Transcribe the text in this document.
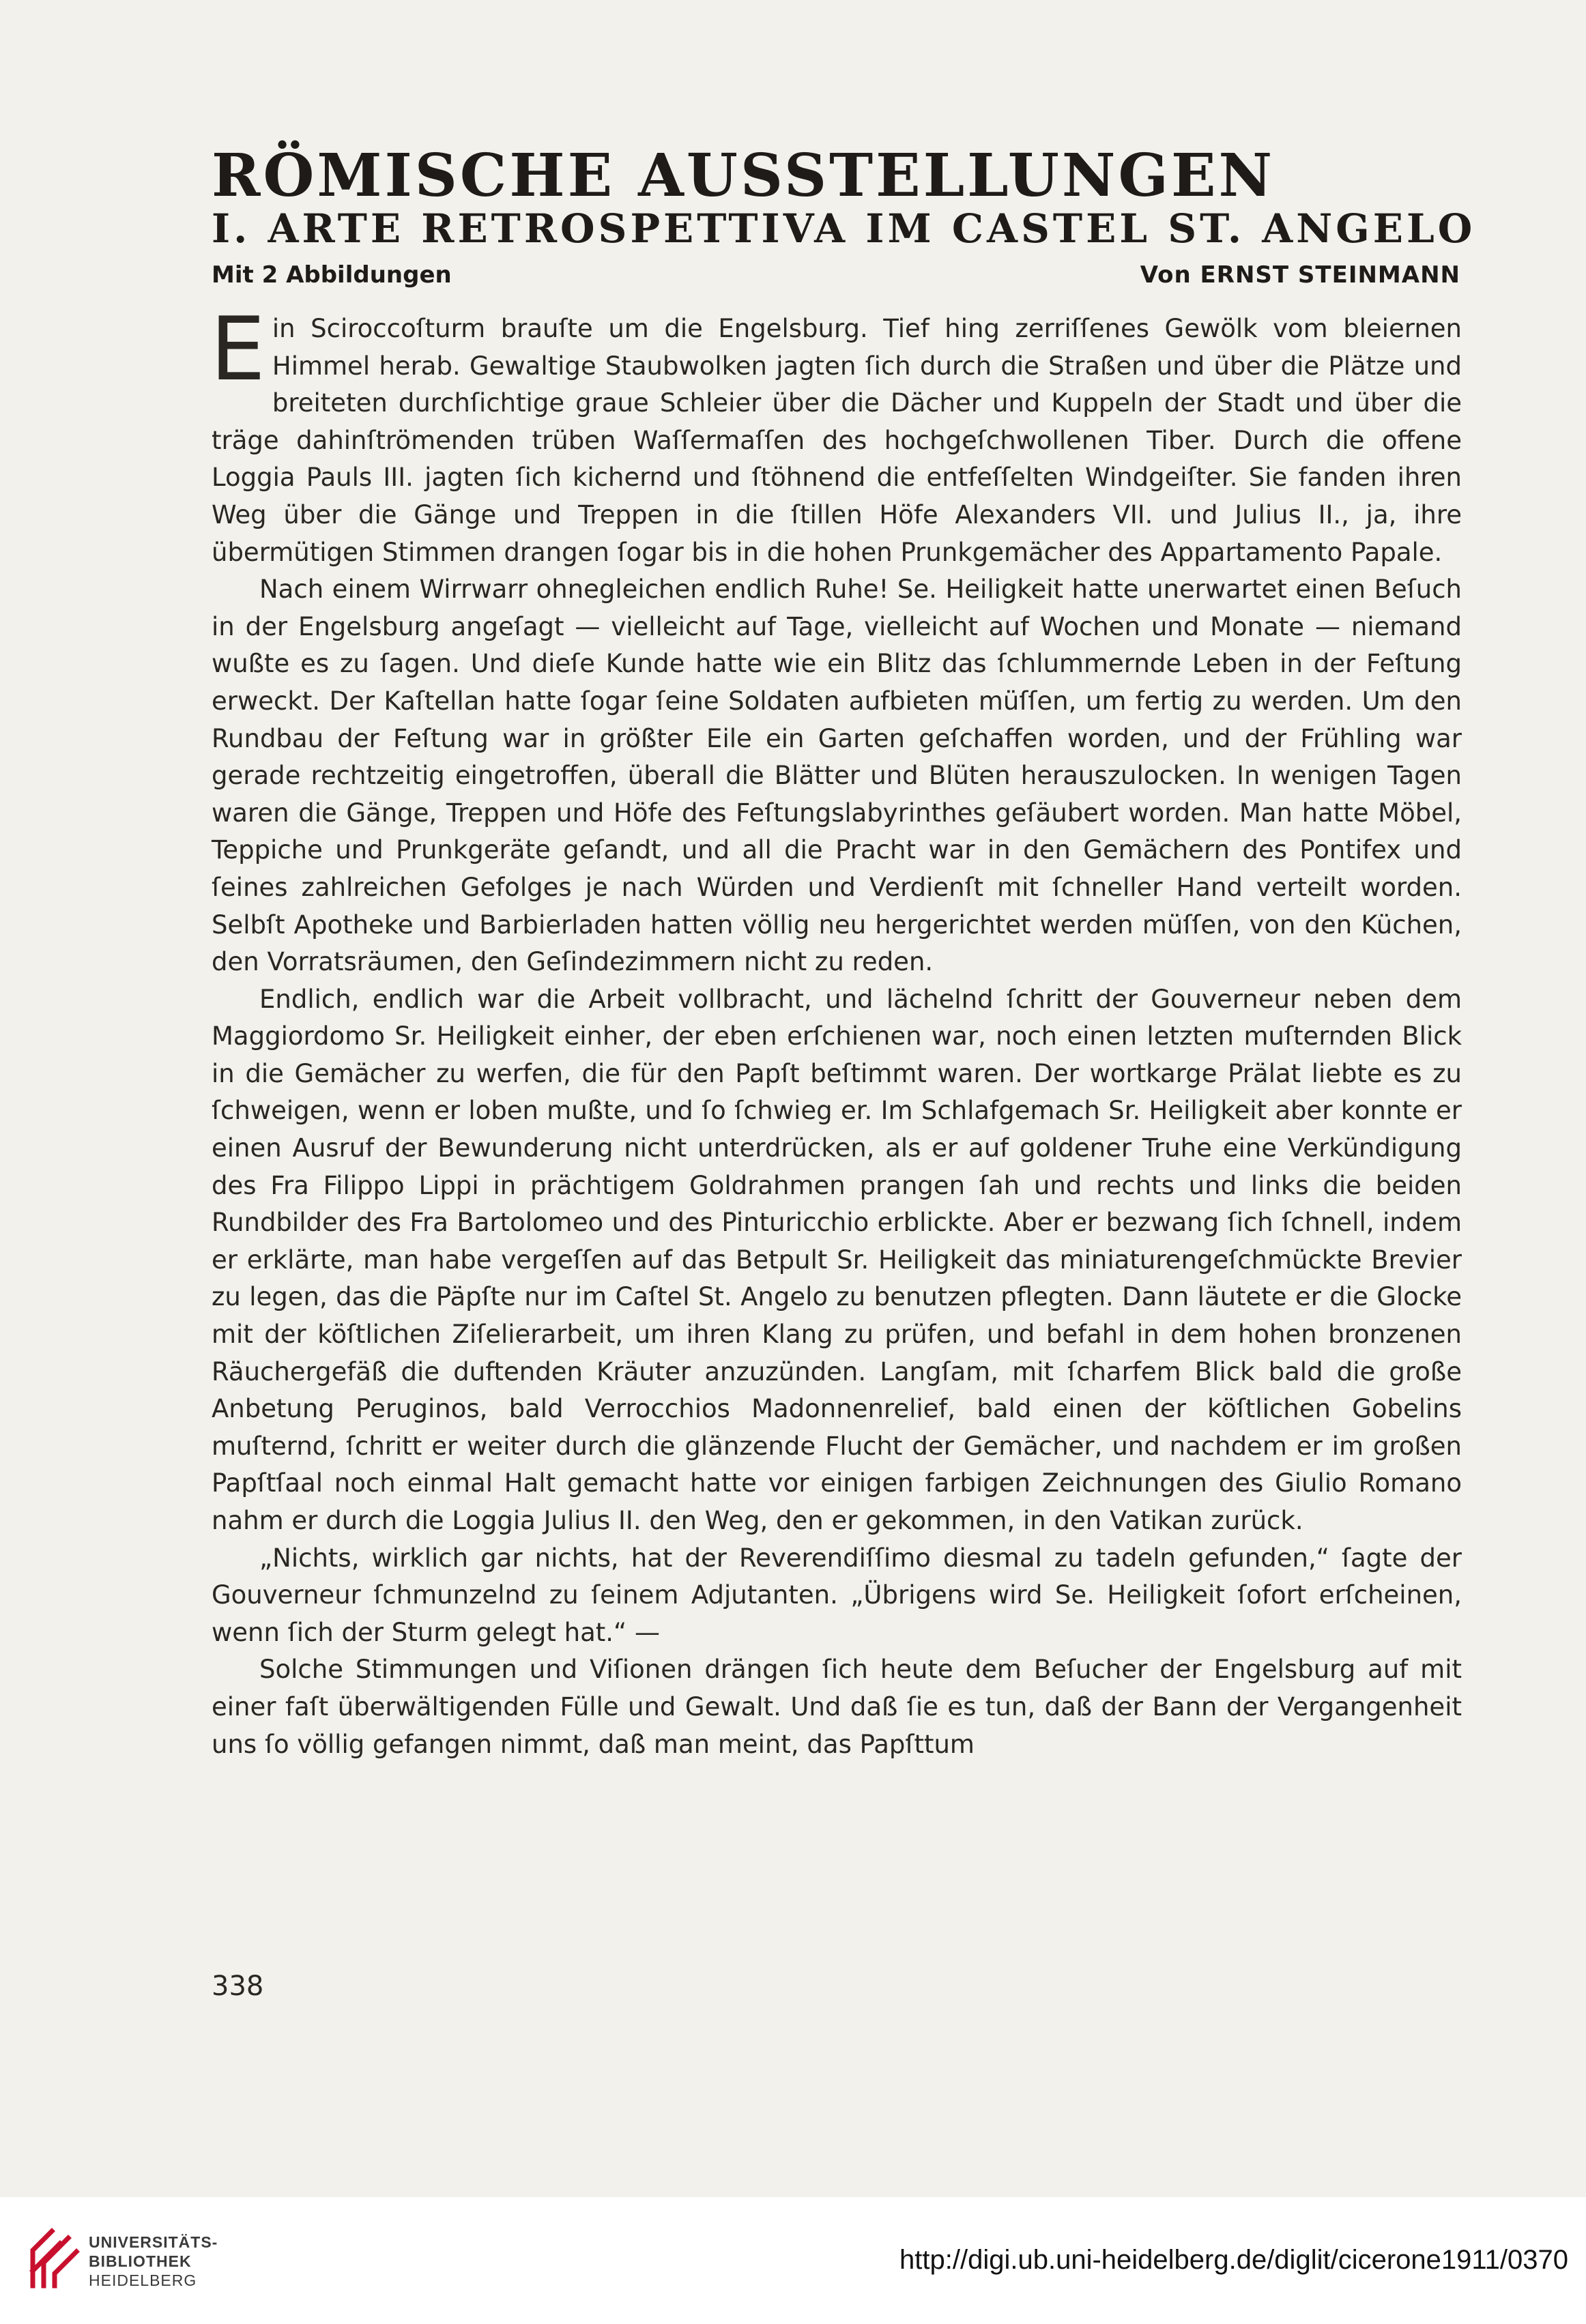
RÖMISCHE AUSSTELLUNGEN
I. ARTE RETROSPETTIVA IM CASTEL ST. ANGELO
Mit 2 Abbildungen	Von ERNST STEINMANN

Ein Sciroccoſturm brauſte um die Engelsburg. Tief hing zerriſſenes Gewölk vom bleiernen Himmel herab. Gewaltige Staubwolken jagten ſich durch die Straßen und über die Plätze und breiteten durchſichtige graue Schleier über die Dächer und Kuppeln der Stadt und über die träge dahinſtrömenden trüben Waſſermaſſen des hochgeſchwollenen Tiber. Durch die offene Loggia Pauls III. jagten ſich kichernd und ſtöhnend die entfeſſelten Windgeiſter. Sie fanden ihren Weg über die Gänge und Treppen in die ſtillen Höfe Alexanders VII. und Julius II., ja, ihre übermütigen Stimmen drangen ſogar bis in die hohen Prunkgemächer des Appartamento Papale.

Nach einem Wirrwarr ohnegleichen endlich Ruhe! Se. Heiligkeit hatte unerwartet einen Beſuch in der Engelsburg angeſagt — vielleicht auf Tage, vielleicht auf Wochen und Monate — niemand wußte es zu ſagen. Und dieſe Kunde hatte wie ein Blitz das ſchlummernde Leben in der Feſtung erweckt. Der Kaſtellan hatte ſogar ſeine Soldaten aufbieten müſſen, um fertig zu werden. Um den Rundbau der Feſtung war in größter Eile ein Garten geſchaffen worden, und der Frühling war gerade rechtzeitig eingetroffen, überall die Blätter und Blüten herauszulocken. In wenigen Tagen waren die Gänge, Treppen und Höfe des Feſtungslabyrinthes geſäubert worden. Man hatte Möbel, Teppiche und Prunkgeräte geſandt, und all die Pracht war in den Gemächern des Pontifex und ſeines zahlreichen Gefolges je nach Würden und Verdienſt mit ſchneller Hand verteilt worden. Selbſt Apotheke und Barbierladen hatten völlig neu hergerichtet werden müſſen, von den Küchen, den Vorratsräumen, den Geſindezimmern nicht zu reden.

Endlich, endlich war die Arbeit vollbracht, und lächelnd ſchritt der Gouverneur neben dem Maggiordomo Sr. Heiligkeit einher, der eben erſchienen war, noch einen letzten muſternden Blick in die Gemächer zu werfen, die für den Papſt beſtimmt waren. Der wortkarge Prälat liebte es zu ſchweigen, wenn er loben mußte, und ſo ſchwieg er. Im Schlafgemach Sr. Heiligkeit aber konnte er einen Ausruf der Bewunderung nicht unterdrücken, als er auf goldener Truhe eine Verkündigung des Fra Filippo Lippi in prächtigem Goldrahmen prangen ſah und rechts und links die beiden Rundbilder des Fra Bartolomeo und des Pinturicchio erblickte. Aber er bezwang ſich ſchnell, indem er erklärte, man habe vergeſſen auf das Betpult Sr. Heiligkeit das miniaturengeſchmückte Brevier zu legen, das die Päpſte nur im Caſtel St. Angelo zu benutzen pflegten. Dann läutete er die Glocke mit der köſtlichen Ziſelierarbeit, um ihren Klang zu prüfen, und befahl in dem hohen bronzenen Räuchergefäß die duftenden Kräuter anzuzünden. Langſam, mit ſcharfem Blick bald die große Anbetung Peruginos, bald Verrocchios Madonnenrelief, bald einen der köſtlichen Gobelins muſternd, ſchritt er weiter durch die glänzende Flucht der Gemächer, und nachdem er im großen Papſtſaal noch einmal Halt gemacht hatte vor einigen farbigen Zeichnungen des Giulio Romano nahm er durch die Loggia Julius II. den Weg, den er gekommen, in den Vatikan zurück.

„Nichts, wirklich gar nichts, hat der Reverendiſſimo diesmal zu tadeln gefunden,“ ſagte der Gouverneur ſchmunzelnd zu ſeinem Adjutanten. „Übrigens wird Se. Heiligkeit ſofort erſcheinen, wenn ſich der Sturm gelegt hat.“ —

Solche Stimmungen und Viſionen drängen ſich heute dem Beſucher der Engelsburg auf mit einer faſt überwältigenden Fülle und Gewalt. Und daß ſie es tun, daß der Bann der Vergangenheit uns ſo völlig gefangen nimmt, daß man meint, das Papſttum

338
UNIVERSITÄTS-
BIBLIOTHEK
HEIDELBERG
http://digi.ub.uni-heidelberg.de/diglit/cicerone1911/0370
